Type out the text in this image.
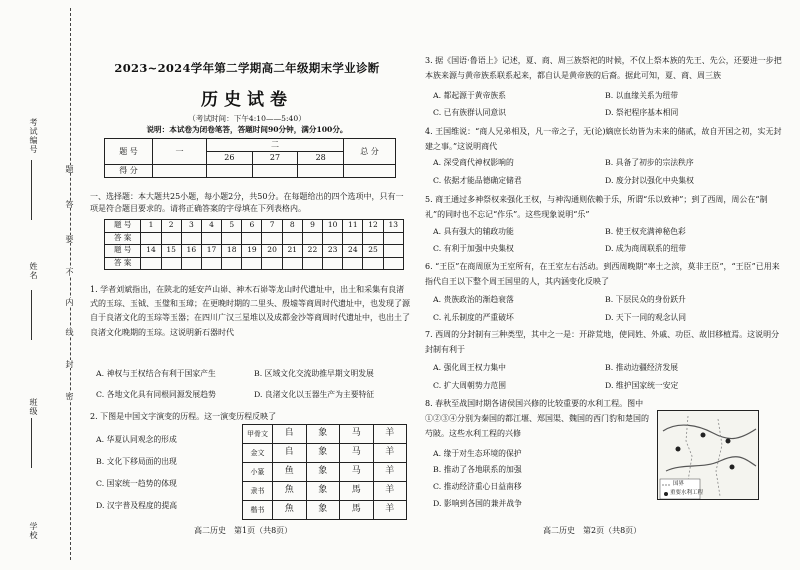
考试编号
姓名
班级
学校
题
答
要
不
内
线
封
密
2023~2024学年第二学期高二年级期末学业诊断
历史试卷
（考试时间：下午4:10——5:40）
说明：本试卷为闭卷笔答，答题时间90分钟，满分100分。
题 号	一	二			总 分
		26	27	28	
得 分					
一、选择题：本大题共25小题，每小题2分，共50分。在每题给出的四个选项中，只有一项是符合题目要求的。请将正确答案的字母填在下列表格内。
题 号	1	2	3	4	5	6	7	8	9	10	11	12	13
答 案													
题 号	14	15	16	17	18	19	20	21	22	23	24	25	
答 案													
1. 学者刘斌指出，在陕北的延安芦山峁、神木石峁等龙山时代遗址中，出土和采集有良渚式的玉琮、玉钺、玉璧和玉璋；在更晚时期的二里头、殷墟等商周时代遗址中，也发现了源自于良渚文化的玉琮等玉器；在四川广汉三星堆以及成都金沙等商周时代遗址中，也出土了良渚文化晚期的玉琮。这说明新石器时代
A. 神权与王权结合有利于国家产生	B. 区域文化交流助推早期文明发展
C. 各地文化具有同根同源发展趋势	D. 良渚文化以玉器生产为主要特征
2. 下图是中国文字演变的历程。这一演变历程反映了
A. 华夏认同观念的形成
B. 文化下移局面的出现
C. 国家统一趋势的体现
D. 汉字普及程度的提高
甲骨文	𠂤	象	马	羊
金文	𠂤	象	马	羊
小篆	鱼	象	马	羊
隶书	魚	象	馬	羊
楷书	魚	象	馬	羊
高二历史　第1页（共8页）
3. 据《国语·鲁语上》记述，夏、商、周三族祭祀的时候，不仅上祭本族的先王、先公，还要进一步把本族来源与黄帝族系联系起来，都自认是黄帝族的后裔。据此可知，夏、商、周三族
A. 都起源于黄帝族系	B. 以血缘关系为纽带
C. 已有族群认同意识	D. 祭祀程序基本相同
4. 王国维说：“商人兄弟相及，凡一帝之子，无(论)嫡庶长幼皆为未来的储贰，故自开国之初，实无封建之事。”这说明商代
A. 深受商代神权影响的	B. 具备了初步的宗法秩序
C. 依据才能品德确定储君	D. 废分封以强化中央集权
5. 商王通过多神祭权来强化王权，与神沟通则依赖于乐，所谓“乐以致神”；到了西周，周公在“制礼”的同时也不忘记“作乐”。这些现象说明“乐”
A. 具有强大的辅政功能	B. 使王权充满神秘色彩
C. 有利于加强中央集权	D. 成为商周联系的纽带
6. “王臣”在商周原为王室所有，在王室左右活动。到西周晚期“率土之滨，莫非王臣”，“王臣”已用来指代自王以下整个周王国里的人，其内涵变化反映了
A. 贵族政治的渐趋衰落	B. 下层民众的身份跃升
C. 礼乐制度的严重破坏	D. 天下一同的观念认同
7. 西周的分封制有三种类型，其中之一是：开辟荒地，使同姓、外戚、功臣、故旧移植焉。这说明分封制有利于
A. 强化周王权力集中	B. 推动边疆经济发展
C. 扩大周朝势力范围	D. 维护国家统一安定
8. 春秋至战国时期各诸侯国兴修的比较重要的水利工程。图中①②③④分别为秦国的都江堰、郑国渠、魏国的西门豹和楚国的芍陂。这些水利工程的兴修
A. 缘于对生态环境的保护
B. 推动了各地联系的加强
C. 推动经济重心日益南移
D. 影响到各国的兼并战争
国界
重要水利工程
高二历史　第2页（共8页）
